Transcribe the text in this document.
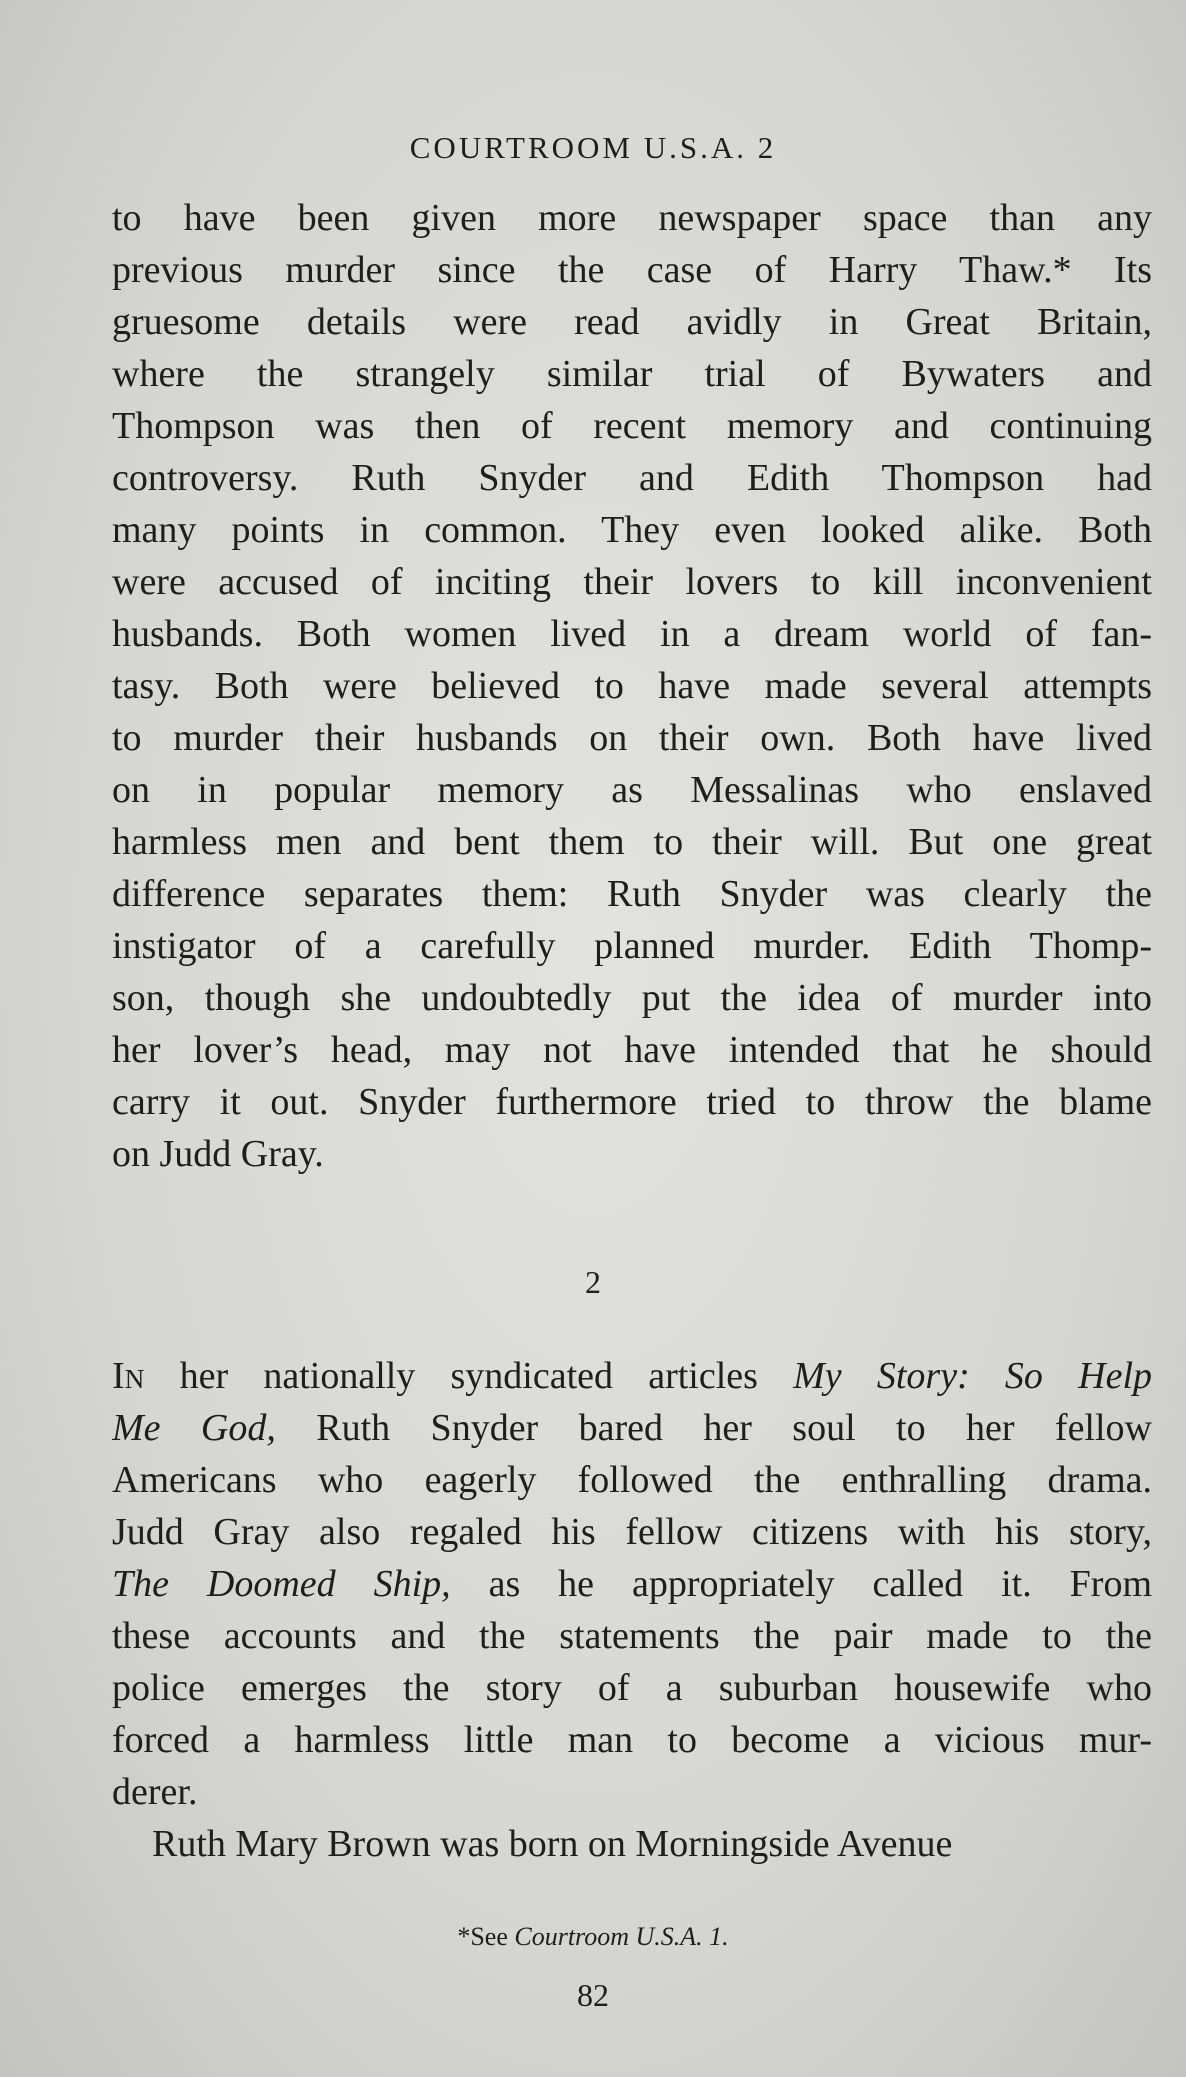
COURTROOM U.S.A. 2
to have been given more newspaper space than any
previous murder since the case of Harry Thaw.* Its
gruesome details were read avidly in Great Britain,
where the strangely similar trial of Bywaters and
Thompson was then of recent memory and continuing
controversy. Ruth Snyder and Edith Thompson had
many points in common. They even looked alike. Both
were accused of inciting their lovers to kill inconvenient
husbands. Both women lived in a dream world of fan-
tasy. Both were believed to have made several attempts
to murder their husbands on their own. Both have lived
on in popular memory as Messalinas who enslaved
harmless men and bent them to their will. But one great
difference separates them: Ruth Snyder was clearly the
instigator of a carefully planned murder. Edith Thomp-
son, though she undoubtedly put the idea of murder into
her lover’s head, may not have intended that he should
carry it out. Snyder furthermore tried to throw the blame
on Judd Gray.
2
IN her nationally syndicated articles My Story: So Help
Me God, Ruth Snyder bared her soul to her fellow
Americans who eagerly followed the enthralling drama.
Judd Gray also regaled his fellow citizens with his story,
The Doomed Ship, as he appropriately called it. From
these accounts and the statements the pair made to the
police emerges the story of a suburban housewife who
forced a harmless little man to become a vicious mur-
derer.
Ruth Mary Brown was born on Morningside Avenue
*See Courtroom U.S.A. 1.
82
